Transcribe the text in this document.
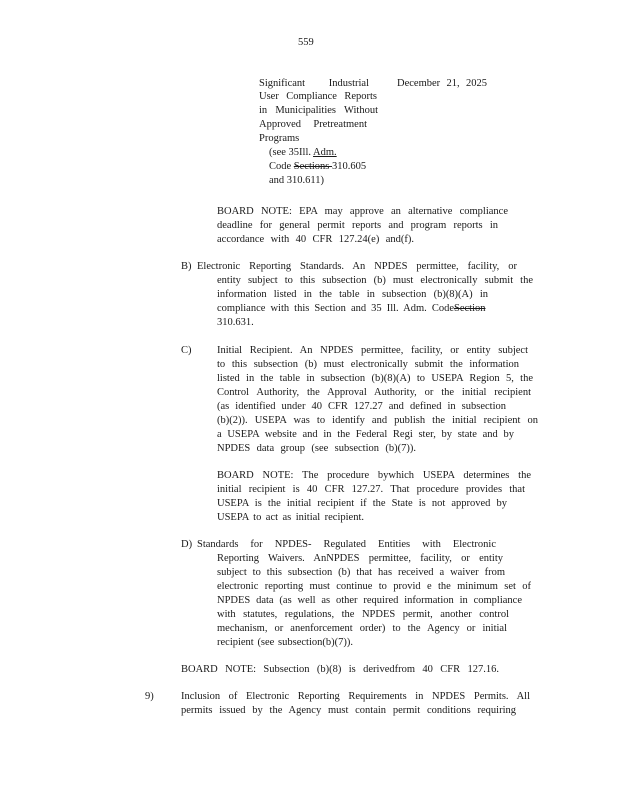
559
Significant Industrial
User Compliance Reports
in Municipalities Without
Approved Pretreatment
Programs
December 21, 2025
(see 35Ill. Adm.
Code Sections 310.605
and 310.611)
BOARD NOTE: EPA may approve an alternative compliance
deadline for general permit reports and program reports in
accordance with 40 CFR 127.24(e) and(f).
B) Electronic Reporting Standards. An NPDES permittee, facility, or
entity subject to this subsection (b) must electronically submit the
information listed in the table in subsection (b)(8)(A) in
compliance with this Section and 35 Ill. Adm. CodeSection
310.631.
C) Initial Recipient. An NPDES permittee, facility, or entity subject
to this subsection (b) must electronically submit the information
listed in the table in subsection (b)(8)(A) to USEPA Region 5, the
Control Authority, the Approval Authority, or the initial recipient
(as identified under 40 CFR 127.27 and defined in subsection
(b)(2)). USEPA was to identify and publish the initial recipient on
a USEPA website and in the Federal Regi ster, by state and by
NPDES data group (see subsection (b)(7)).
BOARD NOTE: The procedure bywhich USEPA determines the
initial recipient is 40 CFR 127.27. That procedure provides that
USEPA is the initial recipient if the State is not approved by
USEPA to act as initial recipient.
D) Standards for NPDES- Regulated Entities with Electronic
Reporting Waivers. AnNPDES permittee, facility, or entity
subject to this subsection (b) that has received a waiver from
electronic reporting must continue to provid e the minimum set of
NPDES data (as well as other required information in compliance
with statutes, regulations, the NPDES permit, another control
mechanism, or anenforcement order) to the Agency or initial
recipient (see subsection(b)(7)).
BOARD NOTE: Subsection (b)(8) is derivedfrom 40 CFR 127.16.
9)	Inclusion of Electronic Reporting Requirements in NPDES Permits. All
permits issued by the Agency must contain permit conditions requiring
